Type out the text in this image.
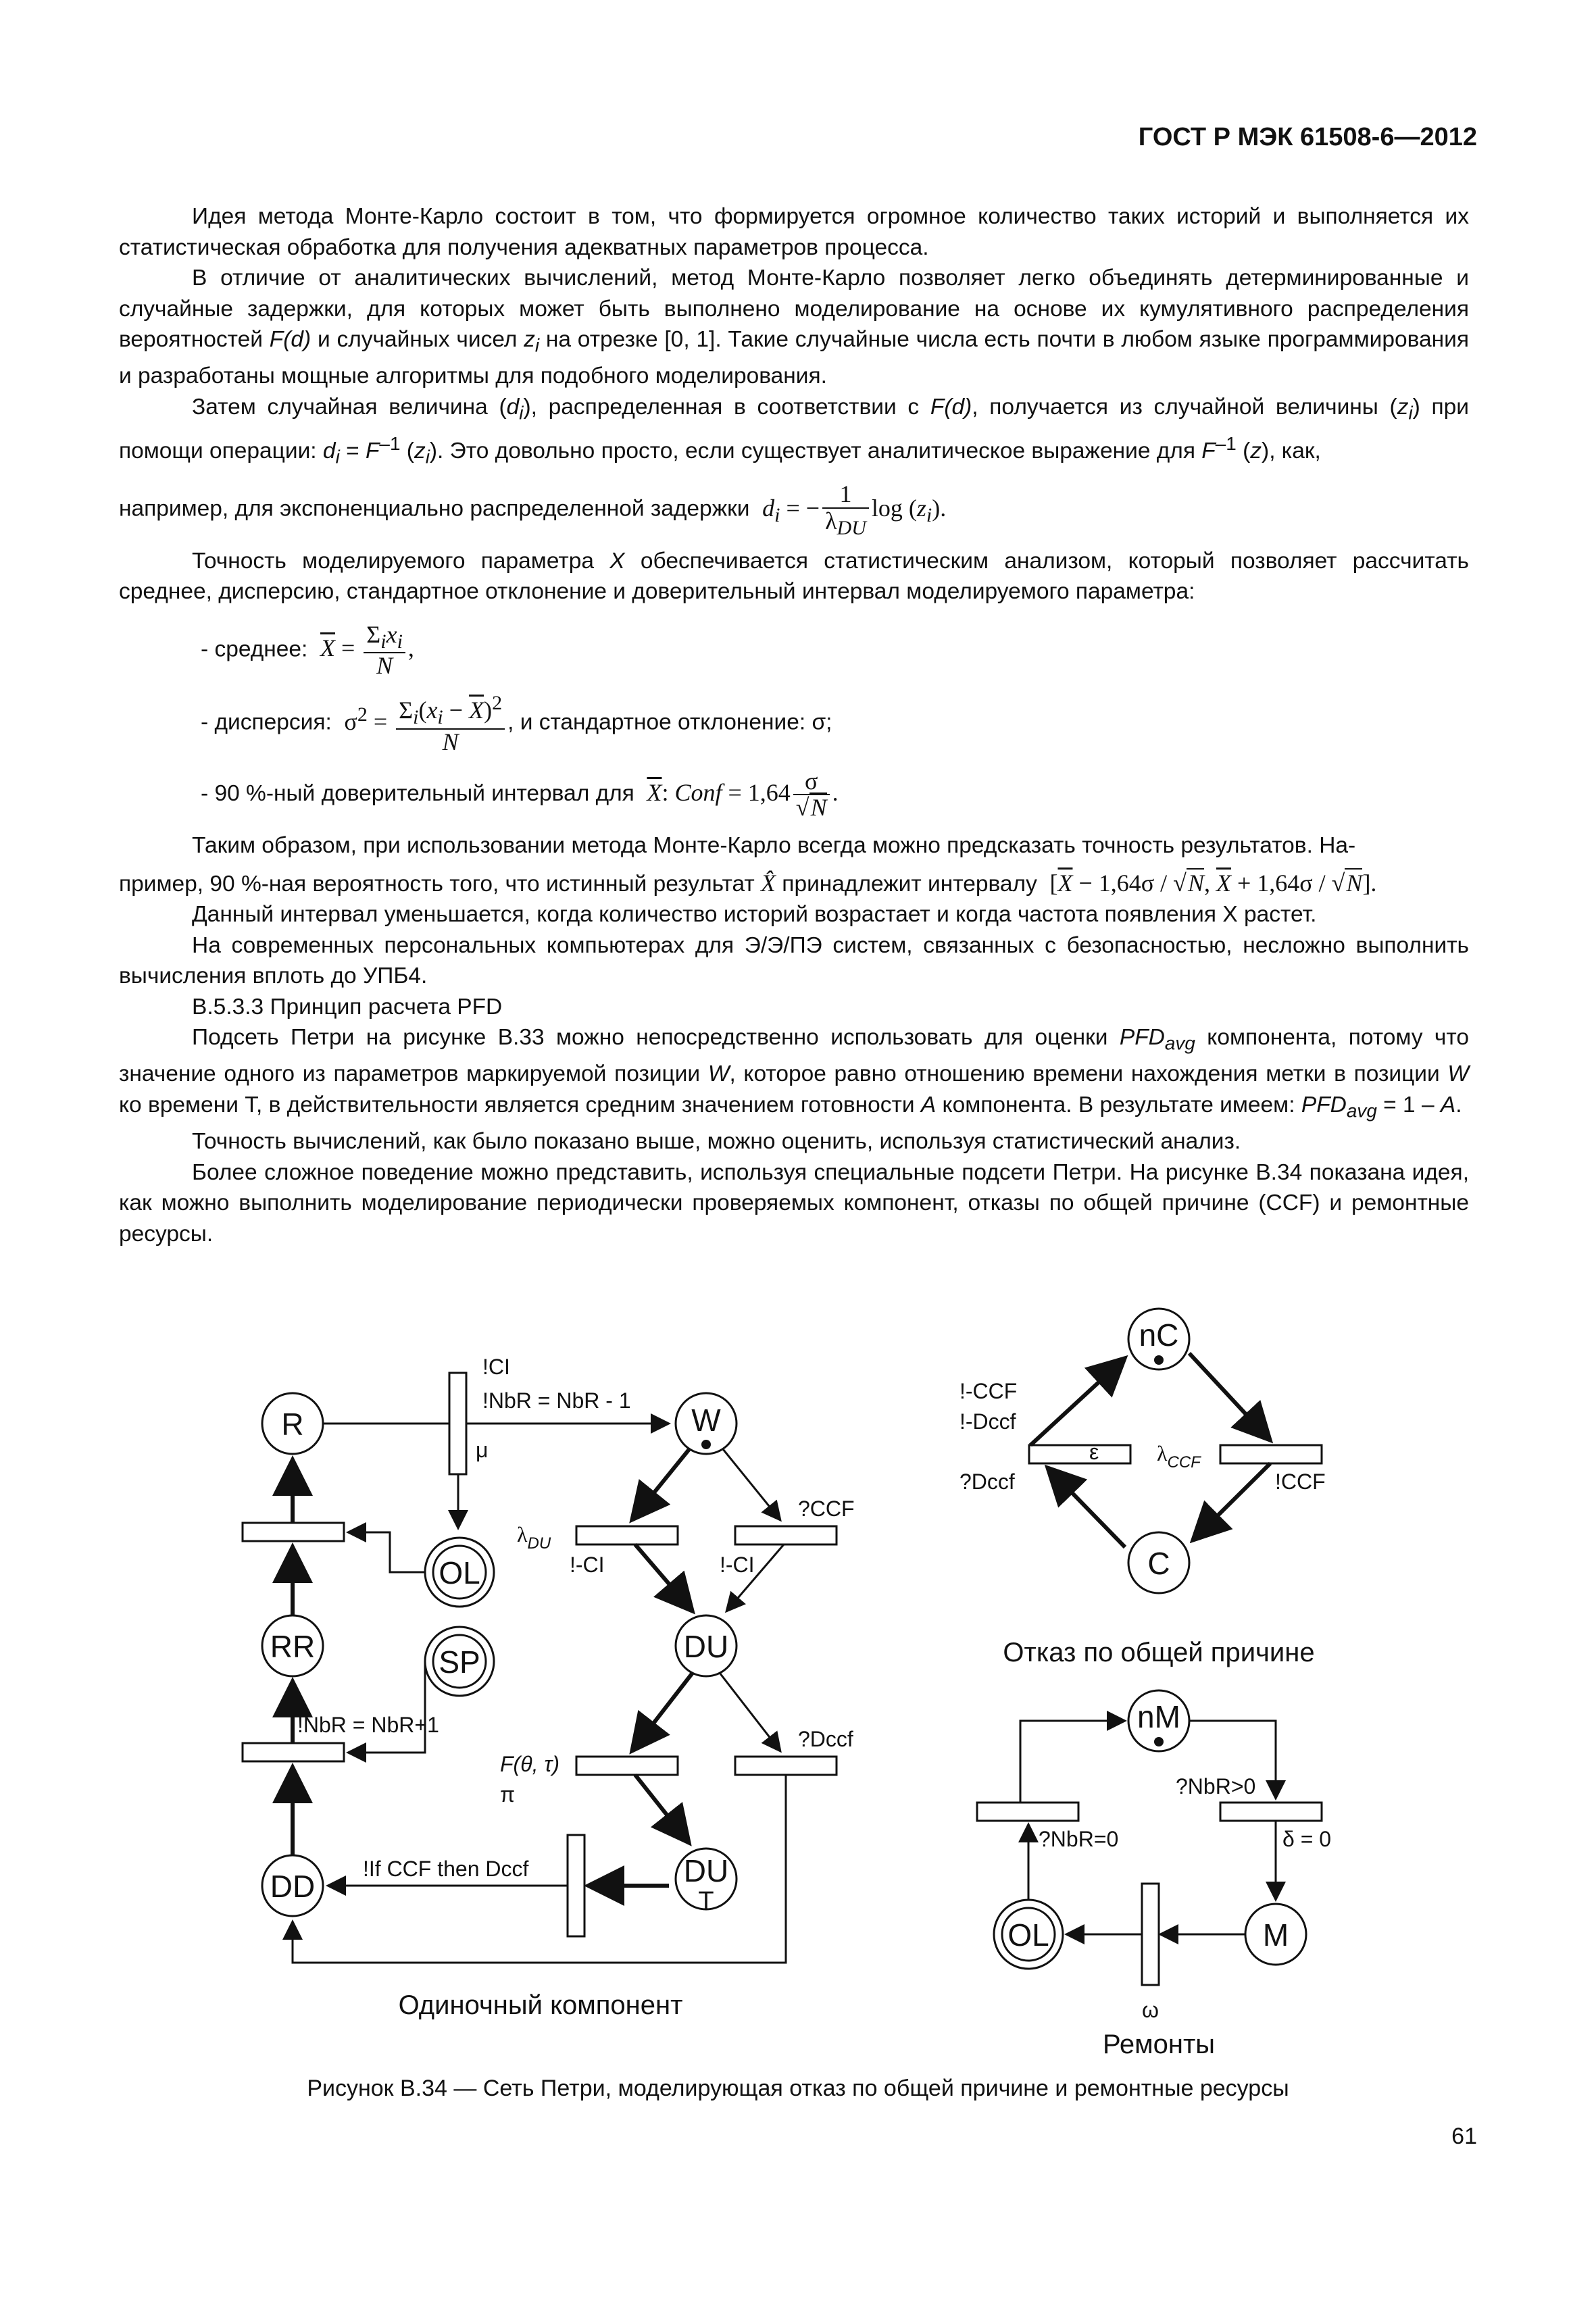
ГОСТ Р МЭК 61508-6—2012

Идея метода Монте-Карло состоит в том, что формируется огромное количество таких историй и выполняется их статистическая обработка для получения адекватных параметров процесса.

В отличие от аналитических вычислений, метод Монте-Карло позволяет легко объединять детерминированные и случайные задержки, для которых может быть выполнено моделирование на основе их кумулятивного распределения вероятностей F(d) и случайных чисел $z_i$ на отрезке [0, 1]. Такие случайные числа есть почти в любом языке программирования и разработаны мощные алгоритмы для подобного моделирования.

Затем случайная величина $(d_i)$, распределенная в соответствии с F(d), получается из случайной величины $(z_i)$ при помощи операции: $d_i = F^{-1}$ $(z_i)$. Это довольно просто, если существует аналитическое выражение для $F^{-1}$ (z), как,

например, для экспоненциально распределенной задержки $d_i$ = − $\frac{1}{\lambda_{DU}}$ $\log (z_i)$.

Точность моделируемого параметра X обеспечивается статистическим анализом, который позволяет рассчитать среднее, дисперсию, стандартное отклонение и доверительный интервал моделируемого параметра:

- среднее: $\overline{X} = \frac{\Sigma_ix_i}{N}$ ,
- дисперсия: $\sigma^2 = \frac{\Sigma_i(x_i - \overline{X})^2}{N}$ , и стандартное отклонение: σ;
- 90 %-ный доверительный интервал для $\overline{X}$: Conf = $1,64 \frac{\sigma}{√N}$ .

Таким образом, при использовании метода Монте-Карло всегда можно предсказать точность результатов. На-

пример, 90 %-ная вероятность того, что истинный результат X̂ принадлежит интервалу [$\overline{X} - 1,64\sigma / √N$, $\overline{X} + 1,64\sigma / √N$].

Данный интервал уменьшается, когда количество историй возрастает и когда частота появления X растет.

На современных персональных компьютерах для Э/Э/ПЭ систем, связанных с безопасностью, несложно выполнить вычисления вплоть до УПБ4.

B.5.3.3 Принцип расчета PFD

Подсеть Петри на рисунке B.33 можно непосредственно использовать для оценки $PFD_{avg}$ компонента, потому что значение одного из параметров маркируемой позиции W, которое равно отношению времени нахождения метки в позиции W ко времени T, в действительности является средним значением готовности A компонента. В результате имеем: $PFD_{avg} = 1 - A$.

Точность вычислений, как было показано выше, можно оценить, используя статистический анализ.

Более сложное поведение можно представить, используя специальные подсети Петри. На рисунке B.34 показана идея, как можно выполнить моделирование периодически проверяемых компонент, отказы по общей причине (CCF) и ремонтные ресурсы.

R	W
OL
RR	SP	DU
DD	DU
T
nC
C
nM
OL	M
!CI
!NbR = NbR - 1
μ
$\lambda_{DU}$
!-CI	!-CI
?CCF
!NbR = NbR+1
F(θ, τ)
π
?Dccf
!If CCF then Dccf
!-CCF
!-Dccf
ε
?Dccf
$\lambda_{CCF}$
!CCF
?NbR>0
δ = 0
?NbR=0
ω
Одиночный компонент
Отказ по общей причине
Ремонты
Рисунок B.34 — Сеть Петри, моделирующая отказ по общей причине и ремонтные ресурсы
61
